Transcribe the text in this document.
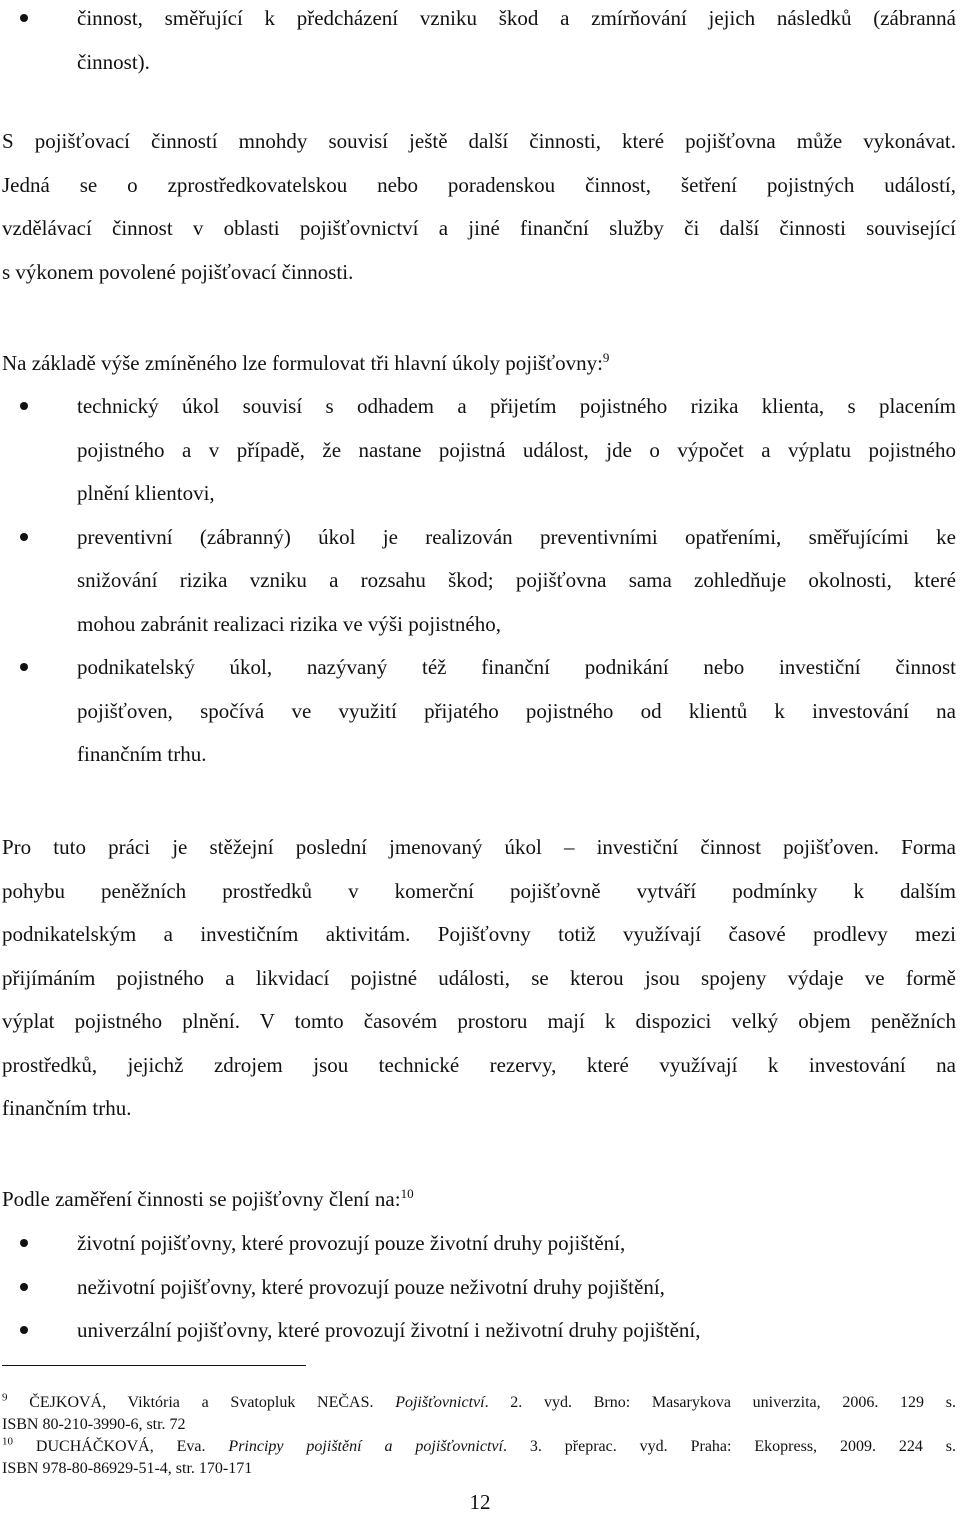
činnost, směřující k předcházení vzniku škod a zmírňování jejich následků (zábranná
činnost).
S pojišťovací činností mnohdy souvisí ještě další činnosti, které pojišťovna může vykonávat.
Jedná se o zprostředkovatelskou nebo poradenskou činnost, šetření pojistných událostí,
vzdělávací činnost v oblasti pojišťovnictví a jiné finanční služby či další činnosti související
s výkonem povolené pojišťovací činnosti.
Na základě výše zmíněného lze formulovat tři hlavní úkoly pojišťovny:$^9$
technický úkol souvisí s odhadem a přijetím pojistného rizika klienta, s placením
pojistného a v případě, že nastane pojistná událost, jde o výpočet a výplatu pojistného
plnění klientovi,
preventivní (zábranný) úkol je realizován preventivními opatřeními, směřujícími ke
snižování rizika vzniku a rozsahu škod; pojišťovna sama zohledňuje okolnosti, které
mohou zabránit realizaci rizika ve výši pojistného,
podnikatelský úkol, nazývaný též finanční podnikání nebo investiční činnost
pojišťoven, spočívá ve využití přijatého pojistného od klientů k investování na
finančním trhu.
Pro tuto práci je stěžejní poslední jmenovaný úkol – investiční činnost pojišťoven. Forma
pohybu peněžních prostředků v komerční pojišťovně vytváří podmínky k dalším
podnikatelským a investičním aktivitám. Pojišťovny totiž využívají časové prodlevy mezi
přijímáním pojistného a likvidací pojistné události, se kterou jsou spojeny výdaje ve formě
výplat pojistného plnění. V tomto časovém prostoru mají k dispozici velký objem peněžních
prostředků, jejichž zdrojem jsou technické rezervy, které využívají k investování na
finančním trhu.
Podle zaměření činnosti se pojišťovny člení na:$^{10}$
životní pojišťovny, které provozují pouze životní druhy pojištění,
neživotní pojišťovny, které provozují pouze neživotní druhy pojištění,
univerzální pojišťovny, které provozují životní i neživotní druhy pojištění,
$^9$ ČEJKOVÁ, Viktória a Svatopluk NEČAS. Pojišťovnictví. 2. vyd. Brno: Masarykova univerzita, 2006. 129 s.
ISBN 80-210-3990-6, str. 72
$^{10}$ DUCHÁČKOVÁ, Eva. Principy pojištění a pojišťovnictví. 3. přeprac. vyd. Praha: Ekopress, 2009. 224 s.
ISBN 978-80-86929-51-4, str. 170-171
12
